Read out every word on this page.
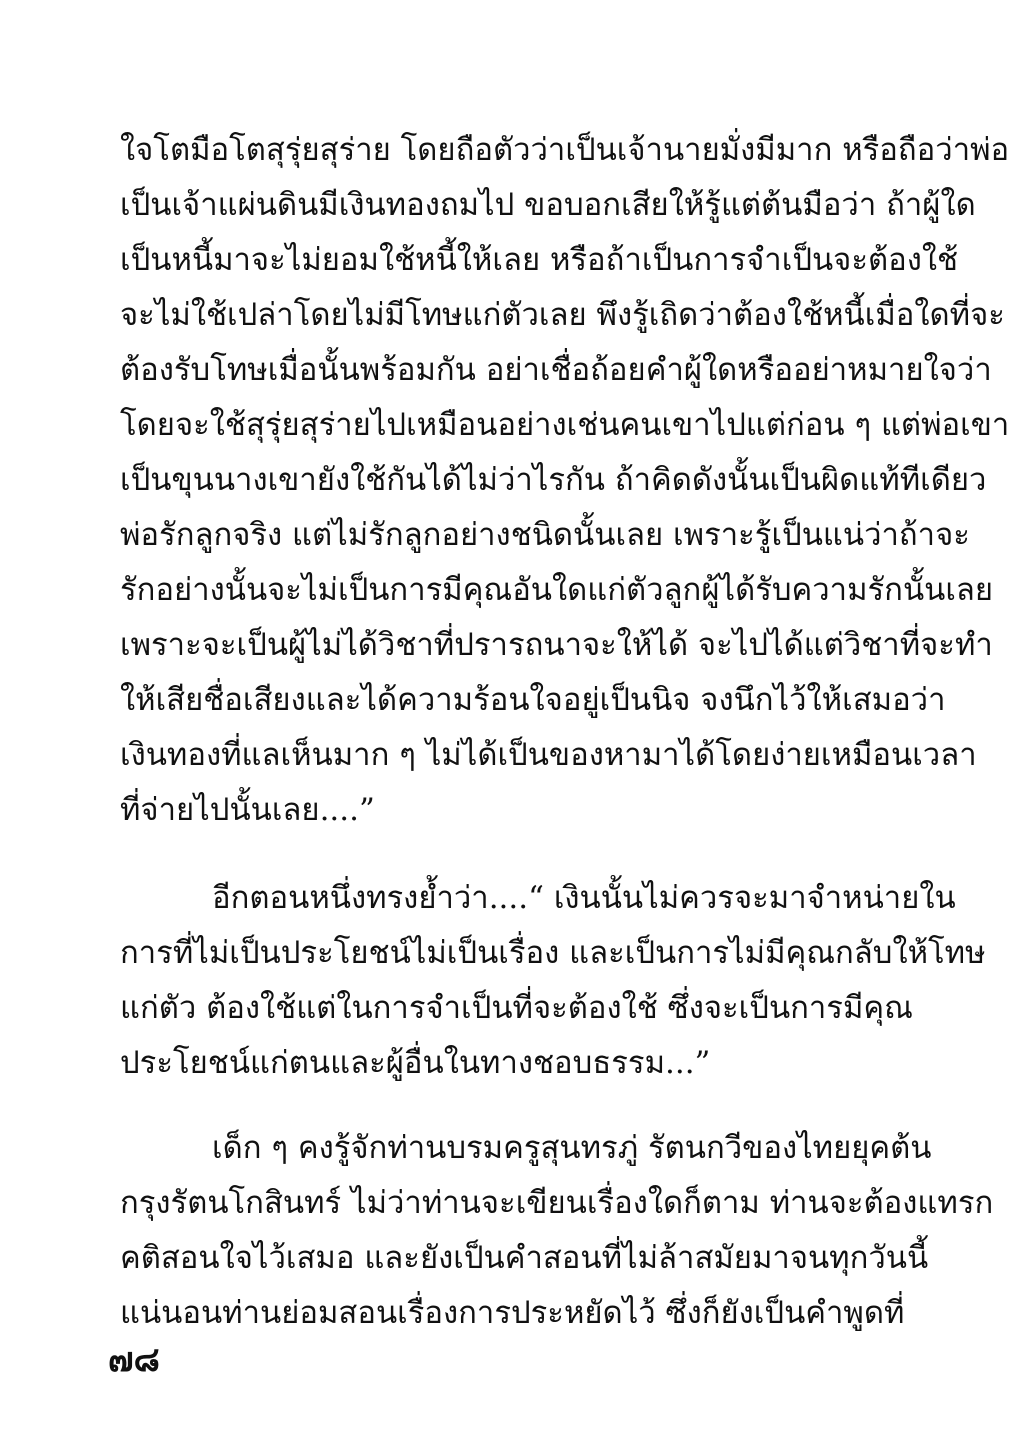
ใจโตมือโตสุรุ่ยสุร่าย โดยถือตัวว่าเป็นเจ้านายมั่งมีมาก หรือถือว่าพ่อ
เป็นเจ้าแผ่นดินมีเงินทองถมไป ขอบอกเสียให้รู้แต่ต้นมือว่า ถ้าผู้ใด
เป็นหนี้มาจะไม่ยอมใช้หนี้ให้เลย หรือถ้าเป็นการจำเป็นจะต้องใช้
จะไม่ใช้เปล่าโดยไม่มีโทษแก่ตัวเลย พึงรู้เถิดว่าต้องใช้หนี้เมื่อใดที่จะ
ต้องรับโทษเมื่อนั้นพร้อมกัน อย่าเชื่อถ้อยคำผู้ใดหรืออย่าหมายใจว่า
โดยจะใช้สุรุ่ยสุร่ายไปเหมือนอย่างเช่นคนเขาไปแต่ก่อน ๆ แต่พ่อเขา
เป็นขุนนางเขายังใช้กันได้ไม่ว่าไรกัน ถ้าคิดดังนั้นเป็นผิดแท้ทีเดียว
พ่อรักลูกจริง แต่ไม่รักลูกอย่างชนิดนั้นเลย เพราะรู้เป็นแน่ว่าถ้าจะ
รักอย่างนั้นจะไม่เป็นการมีคุณอันใดแก่ตัวลูกผู้ได้รับความรักนั้นเลย
เพราะจะเป็นผู้ไม่ได้วิชาที่ปรารถนาจะให้ได้ จะไปได้แต่วิชาที่จะทำ
ให้เสียชื่อเสียงและได้ความร้อนใจอยู่เป็นนิจ จงนึกไว้ให้เสมอว่า
เงินทองที่แลเห็นมาก ๆ ไม่ได้เป็นของหามาได้โดยง่ายเหมือนเวลา
ที่จ่ายไปนั้นเลย....”
อีกตอนหนึ่งทรงย้ำว่า....“ เงินนั้นไม่ควรจะมาจำหน่ายใน
การที่ไม่เป็นประโยชน์ไม่เป็นเรื่อง และเป็นการไม่มีคุณกลับให้โทษ
แก่ตัว ต้องใช้แต่ในการจำเป็นที่จะต้องใช้ ซึ่งจะเป็นการมีคุณ
ประโยชน์แก่ตนและผู้อื่นในทางชอบธรรม...”
เด็ก ๆ คงรู้จักท่านบรมครูสุนทรภู่ รัตนกวีของไทยยุคต้น
กรุงรัตนโกสินทร์ ไม่ว่าท่านจะเขียนเรื่องใดก็ตาม ท่านจะต้องแทรก
คติสอนใจไว้เสมอ และยังเป็นคำสอนที่ไม่ล้าสมัยมาจนทุกวันนี้
แน่นอนท่านย่อมสอนเรื่องการประหยัดไว้ ซึ่งก็ยังเป็นคำพูดที่
๗๘
